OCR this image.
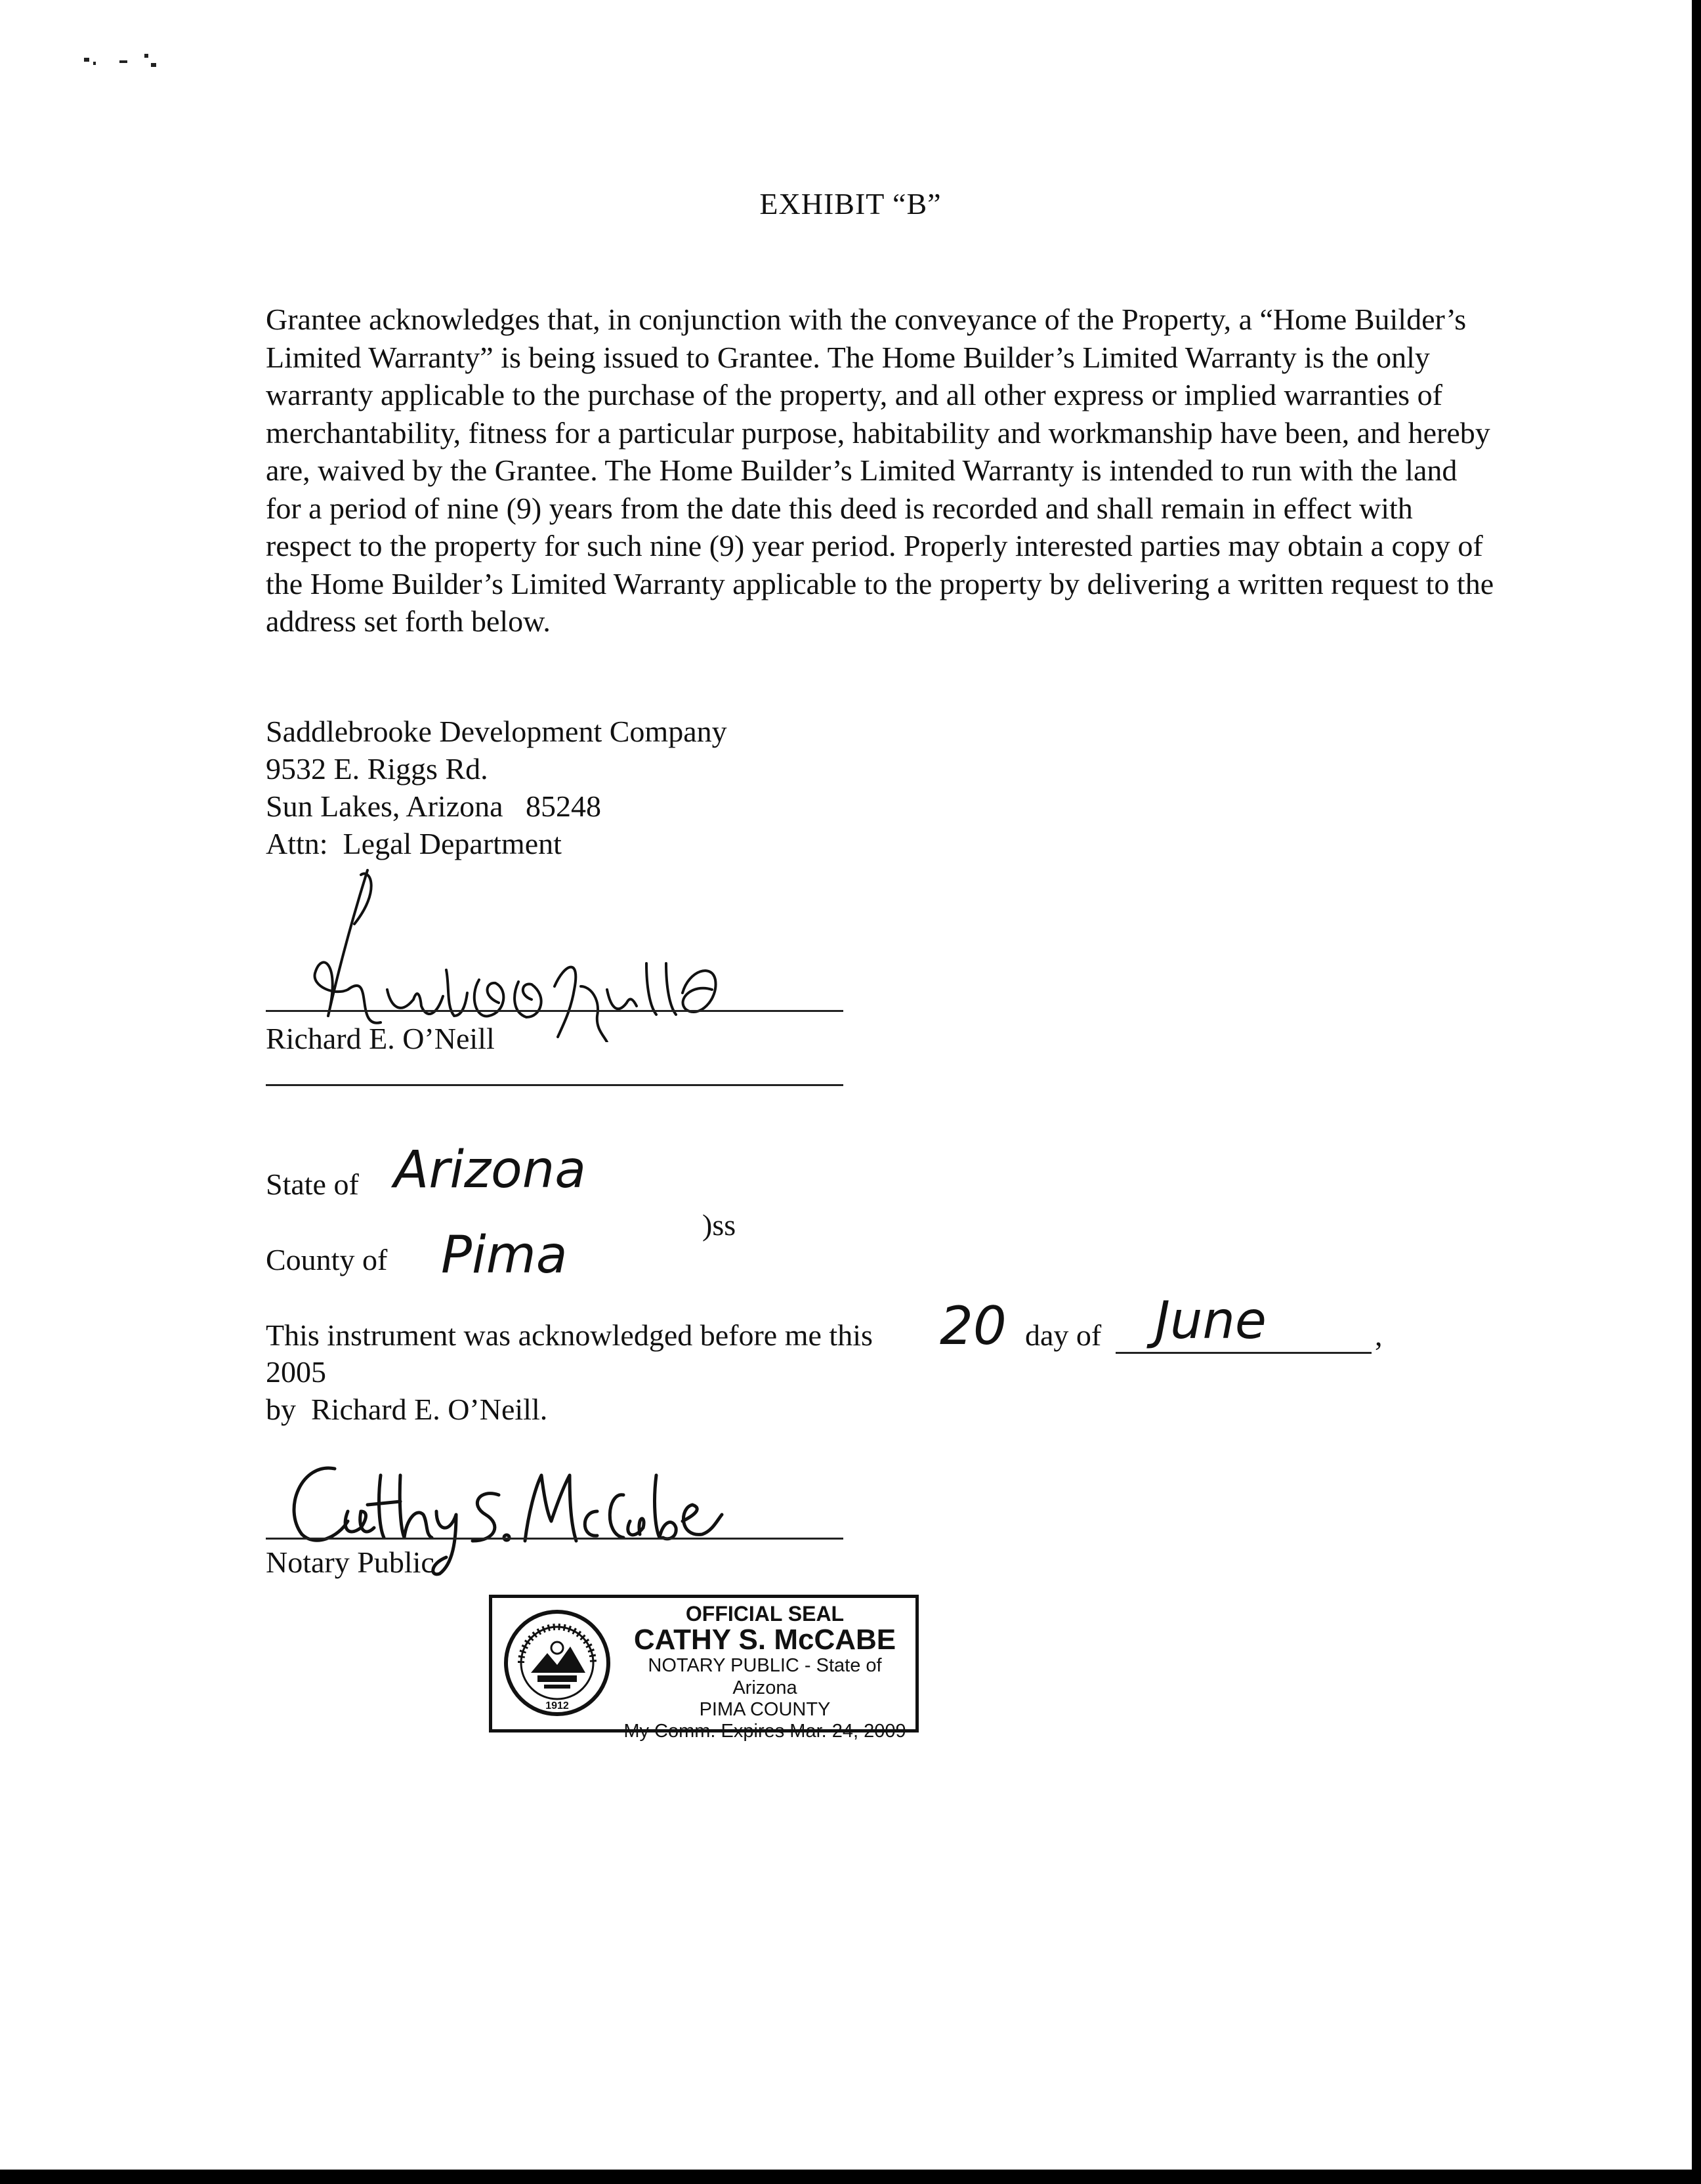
EXHIBIT “B”

Grantee acknowledges that, in conjunction with the conveyance of the Property, a “Home Builder’s Limited Warranty” is being issued to Grantee. The Home Builder’s Limited Warranty is the only warranty applicable to the purchase of the property, and all other express or implied warranties of merchantability, fitness for a particular purpose, habitability and workmanship have been, and hereby are, waived by the Grantee. The Home Builder’s Limited Warranty is intended to run with the land for a period of nine (9) years from the date this deed is recorded and shall remain in effect with respect to the property for such nine (9) year period. Properly interested parties may obtain a copy of the Home Builder’s Limited Warranty applicable to the property by delivering a written request to the address set forth below.

Saddlebrooke Development Company
9532 E. Riggs Rd.
Sun Lakes, Arizona   85248
Attn:  Legal Department
Richard E. O’Neill
State of Arizona
)ss
County of Pima
This instrument was acknowledged before me this 20 day of June	,
2005
by  Richard E. O’Neill.
Notary Public
1912
OFFICIAL SEAL
CATHY S. McCABE
NOTARY PUBLIC - State of Arizona
PIMA COUNTY
My Comm. Expires Mar. 24, 2009
